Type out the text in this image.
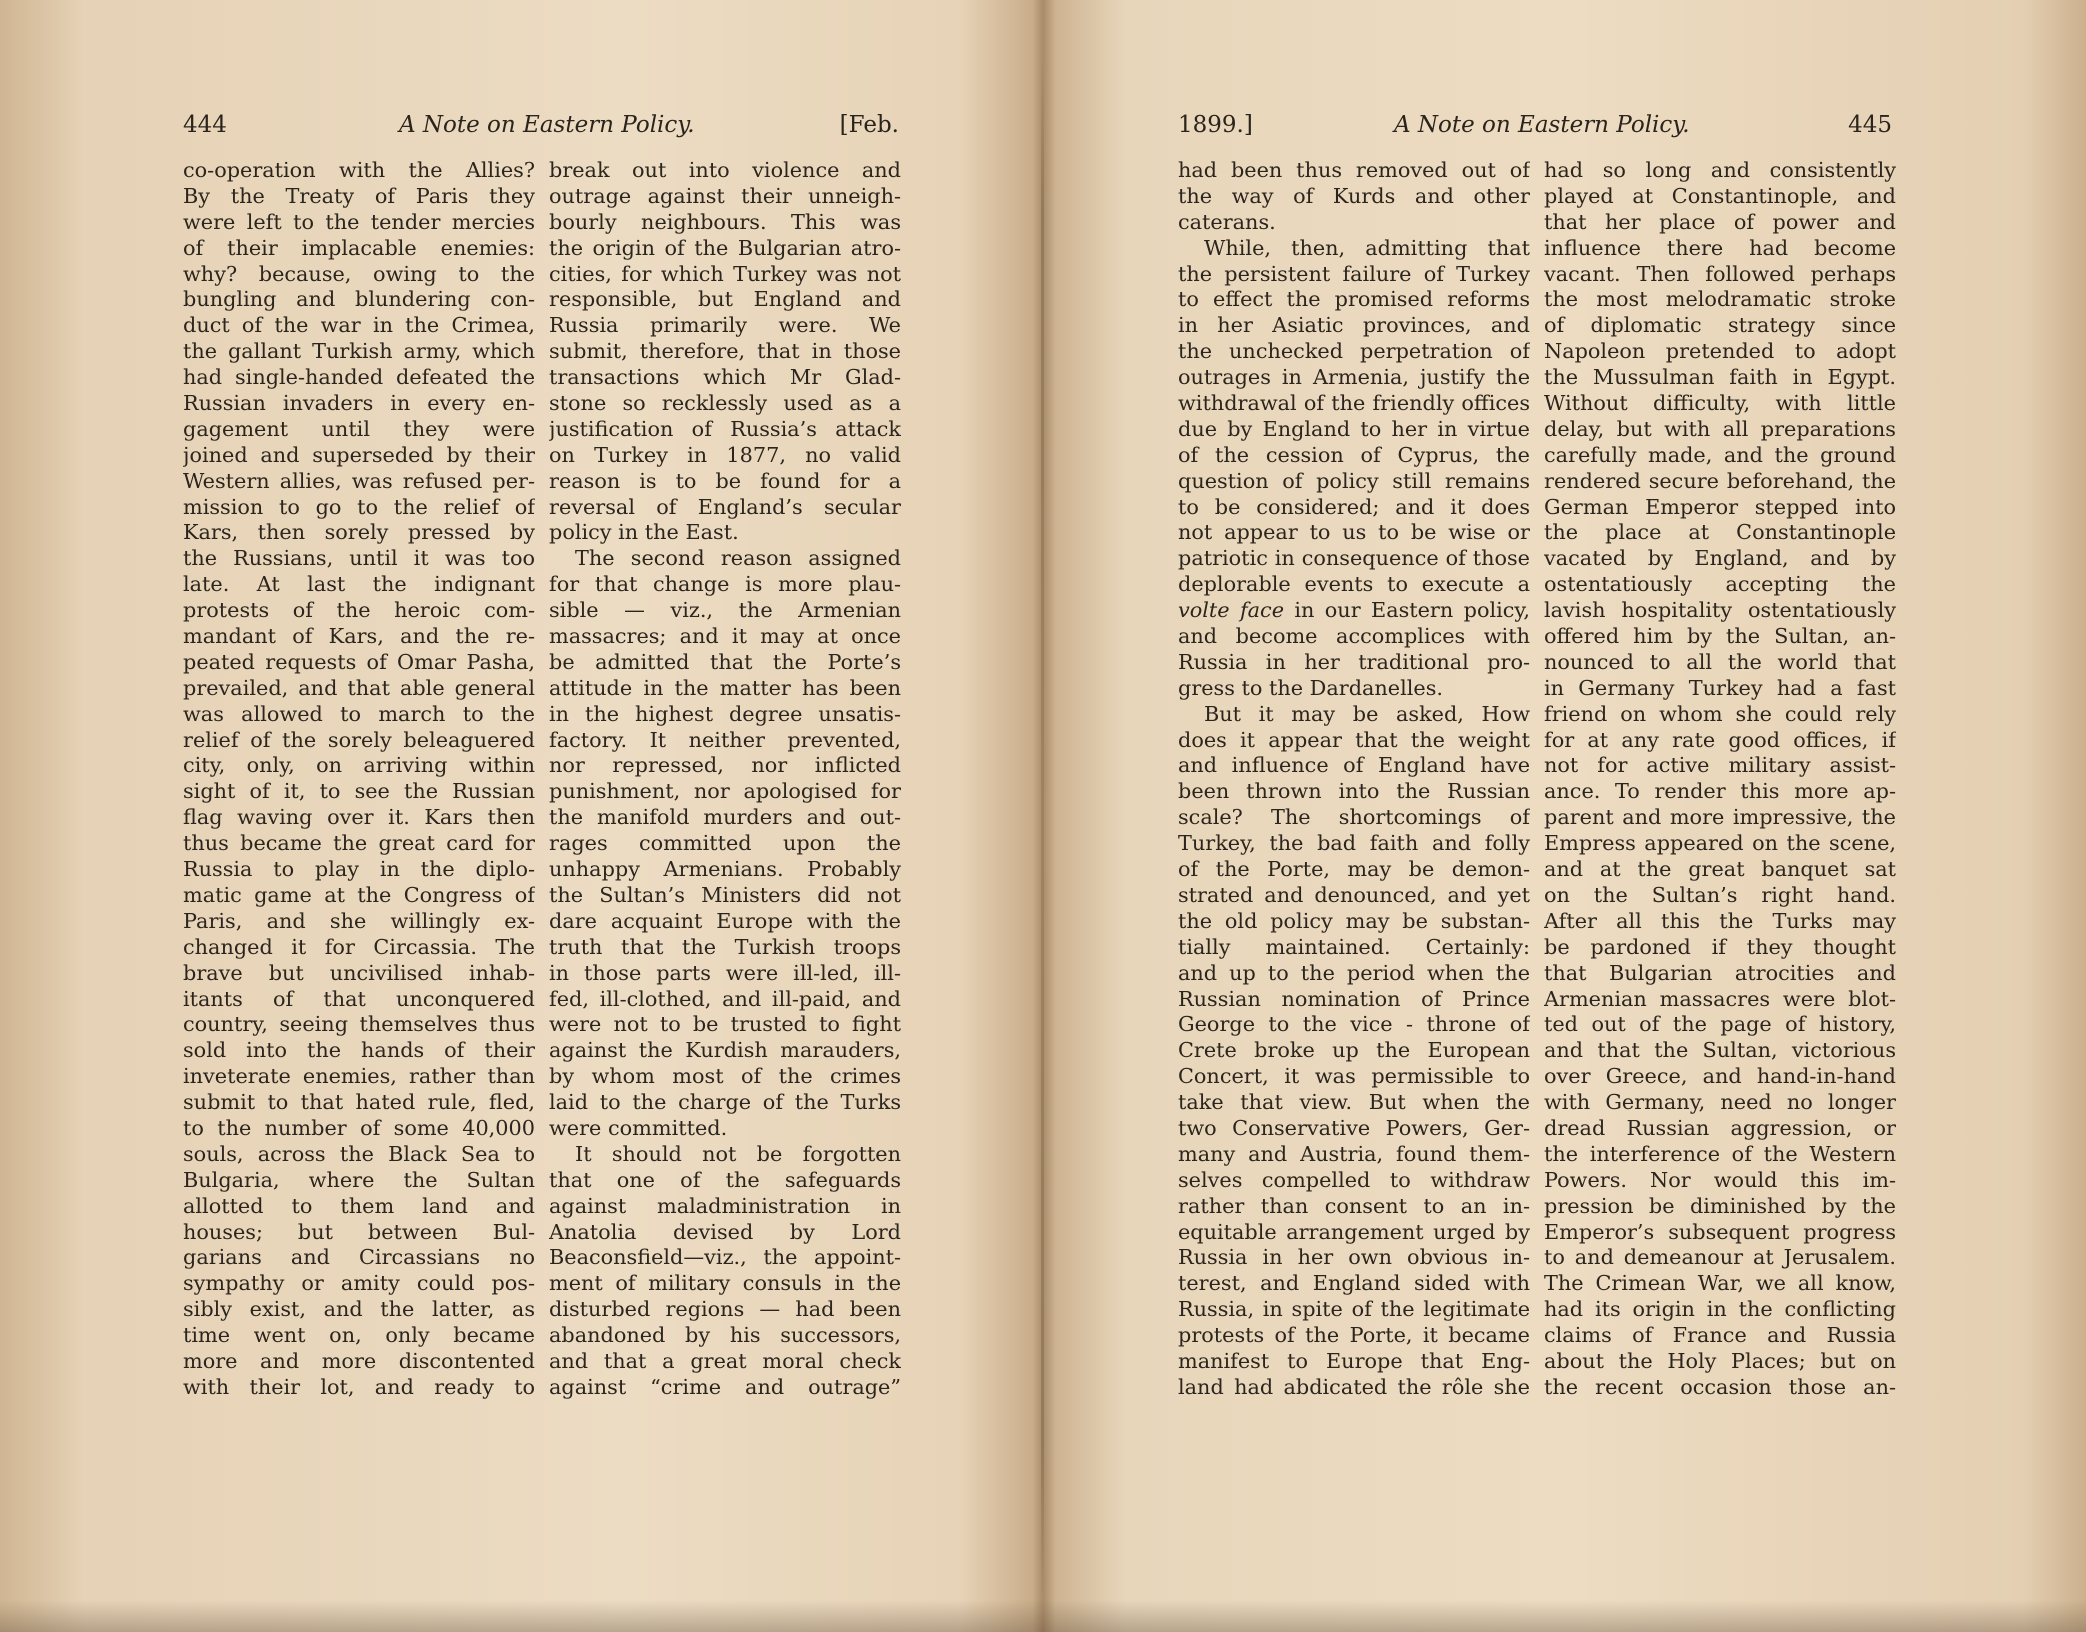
444	A Note on Eastern Policy.	[Feb.
co-operation with the Allies?
By the Treaty of Paris they
were left to the tender mercies
of their implacable enemies:
why? because, owing to the
bungling and blundering con-
duct of the war in the Crimea,
the gallant Turkish army, which
had single-handed defeated the
Russian invaders in every en-
gagement until they were
joined and superseded by their
Western allies, was refused per-
mission to go to the relief of
Kars, then sorely pressed by
the Russians, until it was too
late. At last the indignant
protests of the heroic com-
mandant of Kars, and the re-
peated requests of Omar Pasha,
prevailed, and that able general
was allowed to march to the
relief of the sorely beleaguered
city, only, on arriving within
sight of it, to see the Russian
flag waving over it. Kars then
thus became the great card for
Russia to play in the diplo-
matic game at the Congress of
Paris, and she willingly ex-
changed it for Circassia. The
brave but uncivilised inhab-
itants of that unconquered
country, seeing themselves thus
sold into the hands of their
inveterate enemies, rather than
submit to that hated rule, fled,
to the number of some 40,000
souls, across the Black Sea to
Bulgaria, where the Sultan
allotted to them land and
houses; but between Bul-
garians and Circassians no
sympathy or amity could pos-
sibly exist, and the latter, as
time went on, only became
more and more discontented
with their lot, and ready to
break out into violence and
outrage against their unneigh-
bourly neighbours. This was
the origin of the Bulgarian atro-
cities, for which Turkey was not
responsible, but England and
Russia primarily were. We
submit, therefore, that in those
transactions which Mr Glad-
stone so recklessly used as a
justification of Russia’s attack
on Turkey in 1877, no valid
reason is to be found for a
reversal of England’s secular
policy in the East.
The second reason assigned
for that change is more plau-
sible — viz., the Armenian
massacres; and it may at once
be admitted that the Porte’s
attitude in the matter has been
in the highest degree unsatis-
factory. It neither prevented,
nor repressed, nor inflicted
punishment, nor apologised for
the manifold murders and out-
rages committed upon the
unhappy Armenians. Probably
the Sultan’s Ministers did not
dare acquaint Europe with the
truth that the Turkish troops
in those parts were ill-led, ill-
fed, ill-clothed, and ill-paid, and
were not to be trusted to fight
against the Kurdish marauders,
by whom most of the crimes
laid to the charge of the Turks
were committed.
It should not be forgotten
that one of the safeguards
against maladministration in
Anatolia devised by Lord
Beaconsfield—viz., the appoint-
ment of military consuls in the
disturbed regions — had been
abandoned by his successors,
and that a great moral check
against “crime and outrage”
1899.]	A Note on Eastern Policy.	445
had been thus removed out of
the way of Kurds and other
caterans.
While, then, admitting that
the persistent failure of Turkey
to effect the promised reforms
in her Asiatic provinces, and
the unchecked perpetration of
outrages in Armenia, justify the
withdrawal of the friendly offices
due by England to her in virtue
of the cession of Cyprus, the
question of policy still remains
to be considered; and it does
not appear to us to be wise or
patriotic in consequence of those
deplorable events to execute a
volte face in our Eastern policy,
and become accomplices with
Russia in her traditional pro-
gress to the Dardanelles.
But it may be asked, How
does it appear that the weight
and influence of England have
been thrown into the Russian
scale? The shortcomings of
Turkey, the bad faith and folly
of the Porte, may be demon-
strated and denounced, and yet
the old policy may be substan-
tially maintained. Certainly:
and up to the period when the
Russian nomination of Prince
George to the vice - throne of
Crete broke up the European
Concert, it was permissible to
take that view. But when the
two Conservative Powers, Ger-
many and Austria, found them-
selves compelled to withdraw
rather than consent to an in-
equitable arrangement urged by
Russia in her own obvious in-
terest, and England sided with
Russia, in spite of the legitimate
protests of the Porte, it became
manifest to Europe that Eng-
land had abdicated the rôle she
had so long and consistently
played at Constantinople, and
that her place of power and
influence there had become
vacant. Then followed perhaps
the most melodramatic stroke
of diplomatic strategy since
Napoleon pretended to adopt
the Mussulman faith in Egypt.
Without difficulty, with little
delay, but with all preparations
carefully made, and the ground
rendered secure beforehand, the
German Emperor stepped into
the place at Constantinople
vacated by England, and by
ostentatiously accepting the
lavish hospitality ostentatiously
offered him by the Sultan, an-
nounced to all the world that
in Germany Turkey had a fast
friend on whom she could rely
for at any rate good offices, if
not for active military assist-
ance. To render this more ap-
parent and more impressive, the
Empress appeared on the scene,
and at the great banquet sat
on the Sultan’s right hand.
After all this the Turks may
be pardoned if they thought
that Bulgarian atrocities and
Armenian massacres were blot-
ted out of the page of history,
and that the Sultan, victorious
over Greece, and hand-in-hand
with Germany, need no longer
dread Russian aggression, or
the interference of the Western
Powers. Nor would this im-
pression be diminished by the
Emperor’s subsequent progress
to and demeanour at Jerusalem.
The Crimean War, we all know,
had its origin in the conflicting
claims of France and Russia
about the Holy Places; but on
the recent occasion those an-
